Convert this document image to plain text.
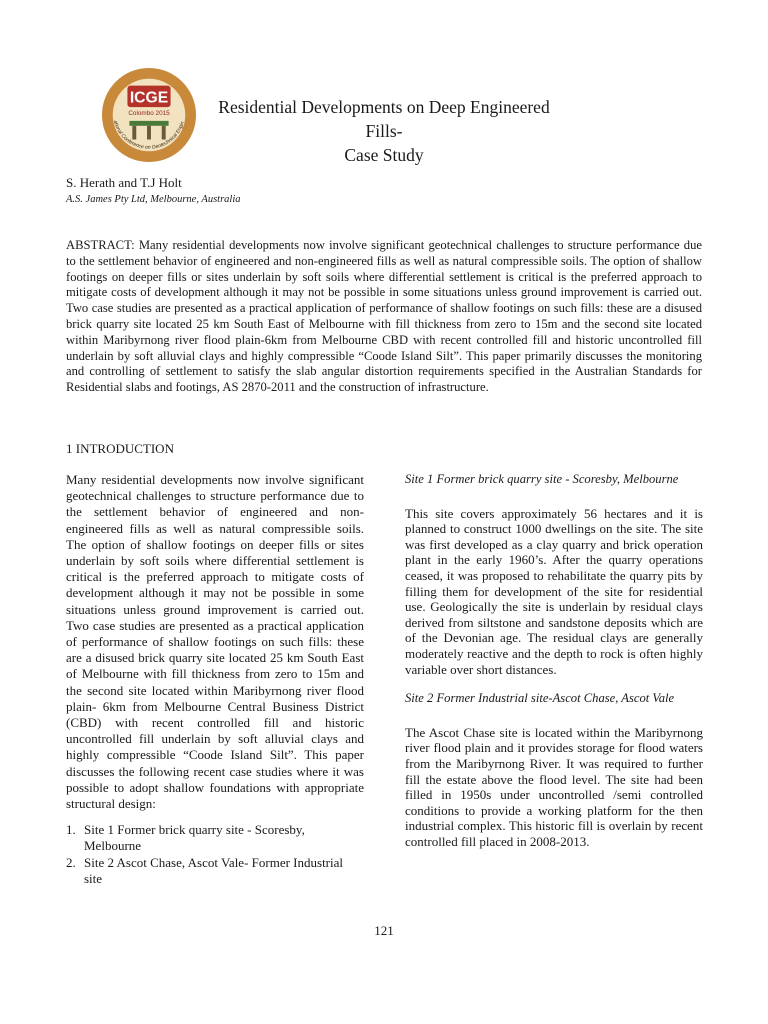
ICGE
Colombo 2015
ational Conference on Geotechnical Engin
Residential Developments on Deep Engineered Fills-
Case Study
S. Herath and T.J Holt
A.S. James Pty Ltd, Melbourne, Australia
ABSTRACT: Many residential developments now involve significant geotechnical challenges to structure performance due to the settlement behavior of engineered and non-engineered fills as well as natural compressible soils. The option of shallow footings on deeper fills or sites underlain by soft soils where differential settlement is critical is the preferred approach to mitigate costs of development although it may not be possible in some situations unless ground improvement is carried out. Two case studies are presented as a practical application of performance of shallow footings on such fills: these are a disused brick quarry site located 25 km South East of Melbourne with fill thickness from zero to 15m and the second site located within Maribyrnong river flood plain-6km from Melbourne CBD with recent controlled fill and historic uncontrolled fill underlain by soft alluvial clays and highly compressible “Coode Island Silt”. This paper primarily discusses the monitoring and controlling of settlement to satisfy the slab angular distortion requirements specified in the Australian Standards for Residential slabs and footings, AS 2870-2011 and the construction of infrastructure.
1 INTRODUCTION

Many residential developments now involve significant geotechnical challenges to structure performance due to the settlement behavior of engineered and non-engineered fills as well as natural compressible soils. The option of shallow footings on deeper fills or sites underlain by soft soils where differential settlement is critical is the preferred approach to mitigate costs of development although it may not be possible in some situations unless ground improvement is carried out. Two case studies are presented as a practical application of performance of shallow footings on such fills: these are a disused brick quarry site located 25 km South East of Melbourne with fill thickness from zero to 15m and the second site located within Maribyrnong river flood plain- 6km from Melbourne Central Business District (CBD) with recent controlled fill and historic uncontrolled fill underlain by soft alluvial clays and highly compressible “Coode Island Silt”. This paper discusses the following recent case studies where it was possible to adopt shallow foundations with appropriate structural design:

1. Site 1 Former brick quarry site - Scoresby, Melbourne
2. Site 2 Ascot Chase, Ascot Vale- Former Industrial site

Site 1 Former brick quarry site - Scoresby, Melbourne

This site covers approximately 56 hectares and it is planned to construct 1000 dwellings on the site. The site was first developed as a clay quarry and brick operation plant in the early 1960’s. After the quarry operations ceased, it was proposed to rehabilitate the quarry pits by filling them for development of the site for residential use. Geologically the site is underlain by residual clays derived from siltstone and sandstone deposits which are of the Devonian age. The residual clays are generally moderately reactive and the depth to rock is often highly variable over short distances.

Site 2 Former Industrial site-Ascot Chase, Ascot Vale

The Ascot Chase site is located within the Maribyrnong river flood plain and it provides storage for flood waters from the Maribyrnong River. It was required to further fill the estate above the flood level. The site had been filled in 1950s under uncontrolled /semi controlled conditions to provide a working platform for the then industrial complex. This historic fill is overlain by recent controlled fill placed in 2008-2013.

121
